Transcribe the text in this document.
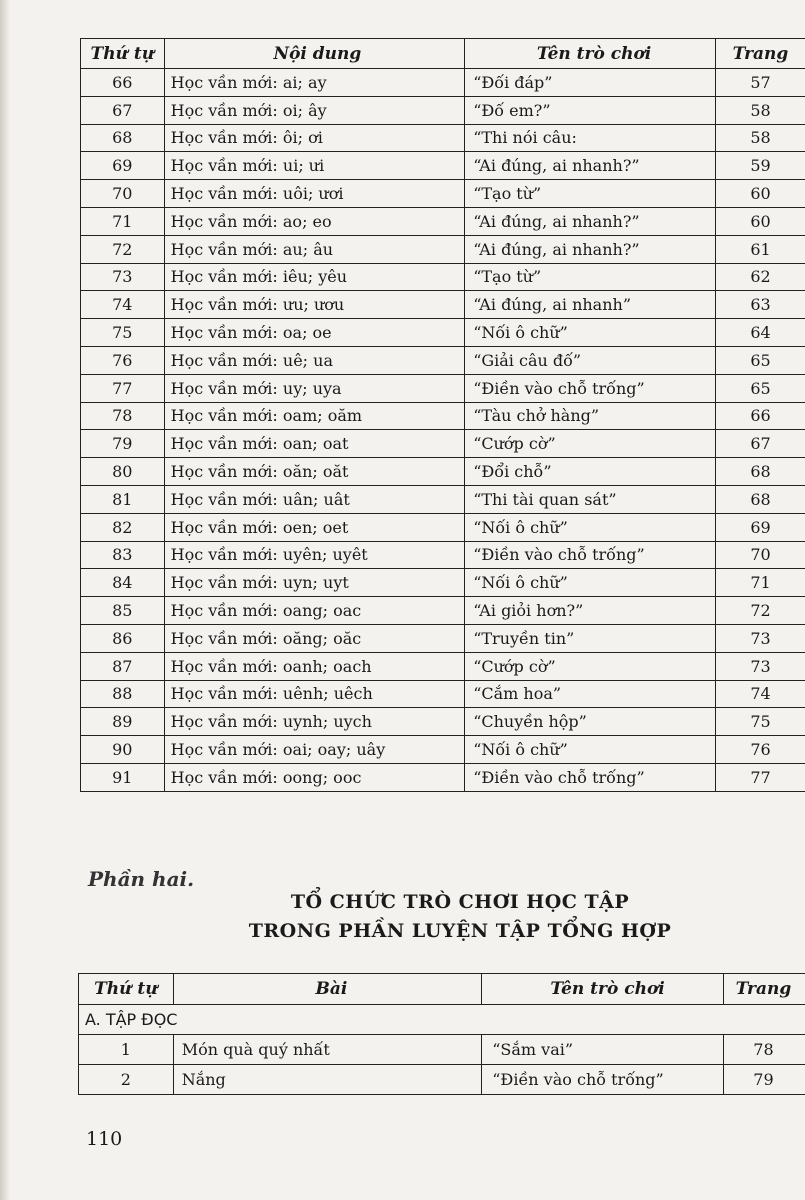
Thứ tự	Nội dung	Tên trò chơi	Trang
66	Học vần mới: ai; ay	“Đối đáp”	57
67	Học vần mới: oi; ây	“Đố em?”	58
68	Học vần mới: ôi; ơi	“Thi nói câu:	58
69	Học vần mới: ui; ưi	“Ai đúng, ai nhanh?”	59
70	Học vần mới: uôi; ươi	“Tạo từ”	60
71	Học vần mới: ao; eo	“Ai đúng, ai nhanh?”	60
72	Học vần mới: au; âu	“Ai đúng, ai nhanh?”	61
73	Học vần mới: iêu; yêu	“Tạo từ”	62
74	Học vần mới: ưu; ươu	“Ai đúng, ai nhanh”	63
75	Học vần mới: oa; oe	“Nối ô chữ”	64
76	Học vần mới: uê; ua	“Giải câu đố”	65
77	Học vần mới: uy; uya	“Điền vào chỗ trống”	65
78	Học vần mới: oam; oăm	“Tàu chở hàng”	66
79	Học vần mới: oan; oat	“Cướp cờ”	67
80	Học vần mới: oăn; oăt	“Đổi chỗ”	68
81	Học vần mới: uân; uât	“Thi tài quan sát”	68
82	Học vần mới: oen; oet	“Nối ô chữ”	69
83	Học vần mới: uyên; uyêt	“Điền vào chỗ trống”	70
84	Học vần mới: uyn; uyt	“Nối ô chữ”	71
85	Học vần mới: oang; oac	“Ai giỏi hơn?”	72
86	Học vần mới: oăng; oăc	“Truyền tin”	73
87	Học vần mới: oanh; oach	“Cướp cờ”	73
88	Học vần mới: uênh; uêch	“Cắm hoa”	74
89	Học vần mới: uynh; uych	“Chuyền hộp”	75
90	Học vần mới: oai; oay; uây	“Nối ô chữ”	76
91	Học vần mới: oong; ooc	“Điền vào chỗ trống”	77
Phần hai.
TỔ CHỨC TRÒ CHƠI HỌC TẬP
TRONG PHẦN LUYỆN TẬP TỔNG HỢP
Thứ tự	Bài	Tên trò chơi	Trang
A. TẬP ĐỌC			
1	Món quà quý nhất	“Sắm vai”	78
2	Nắng	“Điền vào chỗ trống”	79
110
